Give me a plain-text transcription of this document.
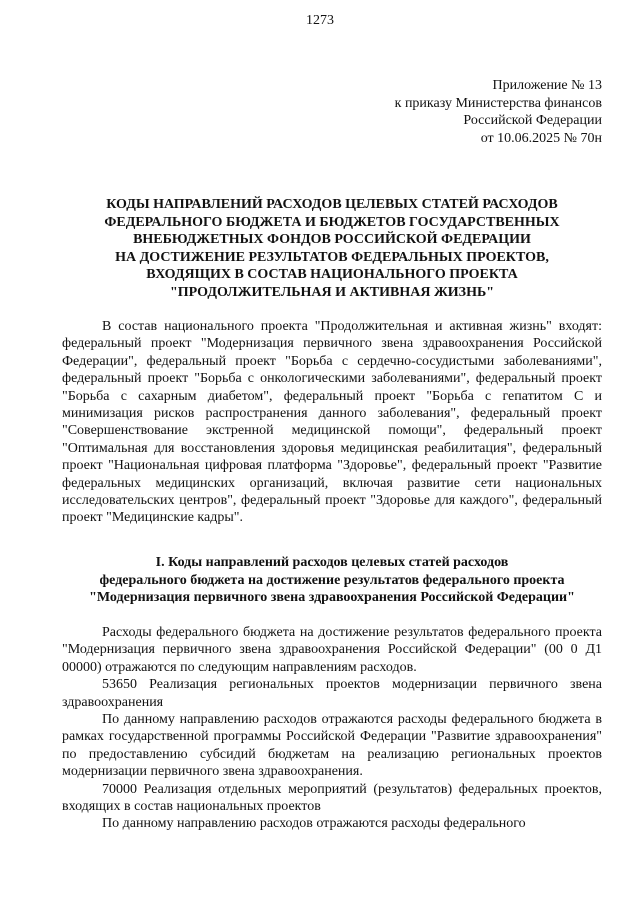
1273
Приложение № 13
к приказу Министерства финансов
Российской Федерации
от 10.06.2025 № 70н
КОДЫ НАПРАВЛЕНИЙ РАСХОДОВ ЦЕЛЕВЫХ СТАТЕЙ РАСХОДОВ
ФЕДЕРАЛЬНОГО БЮДЖЕТА И БЮДЖЕТОВ ГОСУДАРСТВЕННЫХ
ВНЕБЮДЖЕТНЫХ ФОНДОВ РОССИЙСКОЙ ФЕДЕРАЦИИ
НА ДОСТИЖЕНИЕ РЕЗУЛЬТАТОВ ФЕДЕРАЛЬНЫХ ПРОЕКТОВ,
ВХОДЯЩИХ В СОСТАВ НАЦИОНАЛЬНОГО ПРОЕКТА
"ПРОДОЛЖИТЕЛЬНАЯ И АКТИВНАЯ ЖИЗНЬ"

В состав национального проекта "Продолжительная и активная жизнь" входят: федеральный проект "Модернизация первичного звена здравоохранения Российской Федерации", федеральный проект "Борьба с сердечно-сосудистыми заболеваниями", федеральный проект "Борьба с онкологическими заболеваниями", федеральный проект "Борьба с сахарным диабетом", федеральный проект "Борьба с гепатитом С и минимизация рисков распространения данного заболевания", федеральный проект "Совершенствование экстренной медицинской помощи", федеральный проект "Оптимальная для восстановления здоровья медицинская реабилитация", федеральный проект "Национальная цифровая платформа "Здоровье", федеральный проект "Развитие федеральных медицинских организаций, включая развитие сети национальных исследовательских центров", федеральный проект "Здоровье для каждого", федеральный проект "Медицинские кадры".

I. Коды направлений расходов целевых статей расходов
федерального бюджета на достижение результатов федерального проекта
"Модернизация первичного звена здравоохранения Российской Федерации"

Расходы федерального бюджета на достижение результатов федерального проекта "Модернизация первичного звена здравоохранения Российской Федерации" (00 0 Д1 00000) отражаются по следующим направлениям расходов.

53650 Реализация региональных проектов модернизации первичного звена здравоохранения

По данному направлению расходов отражаются расходы федерального бюджета в рамках государственной программы Российской Федерации "Развитие здравоохранения" по предоставлению субсидий бюджетам на реализацию региональных проектов модернизации первичного звена здравоохранения.

70000 Реализация отдельных мероприятий (результатов) федеральных проектов, входящих в состав национальных проектов

По данному направлению расходов отражаются расходы федерального
